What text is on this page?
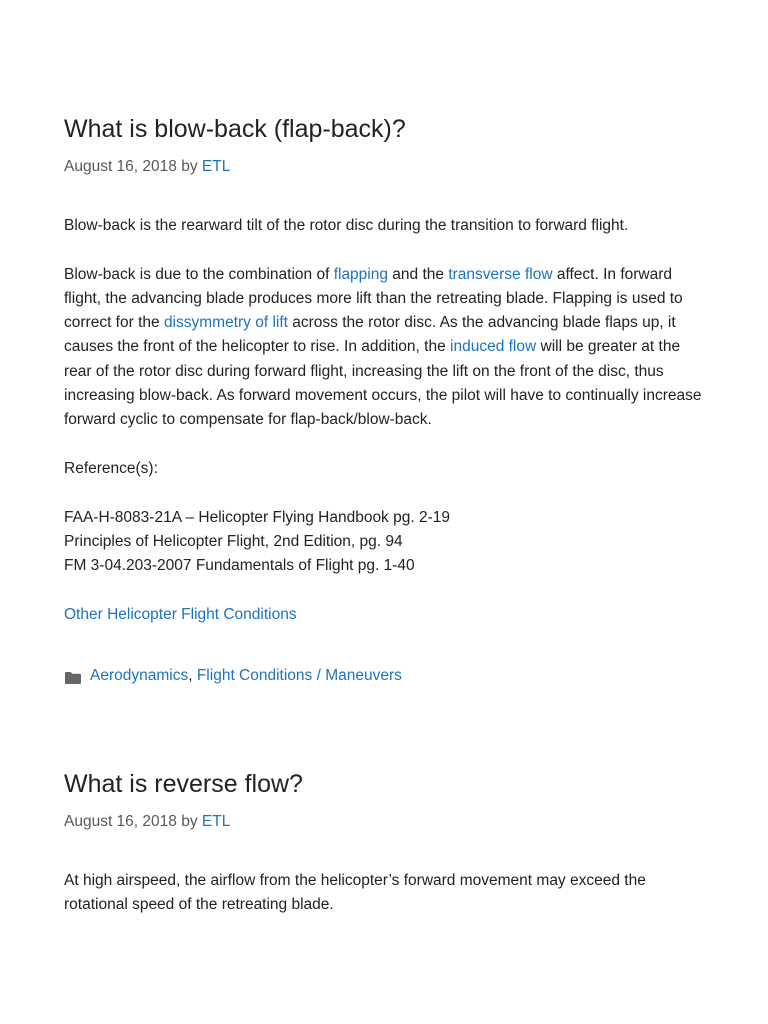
What is blow-back (flap-back)?
August 16, 2018 by ETL

Blow-back is the rearward tilt of the rotor disc during the transition to forward flight.

Blow-back is due to the combination of flapping and the transverse flow affect. In forward flight, the advancing blade produces more lift than the retreating blade. Flapping is used to correct for the dissymmetry of lift across the rotor disc. As the advancing blade flaps up, it causes the front of the helicopter to rise. In addition, the induced flow will be greater at the rear of the rotor disc during forward flight, increasing the lift on the front of the disc, thus increasing blow-back. As forward movement occurs, the pilot will have to continually increase forward cyclic to compensate for flap-back/blow-back.

Reference(s):

FAA-H-8083-21A – Helicopter Flying Handbook pg. 2-19
Principles of Helicopter Flight, 2nd Edition, pg. 94
FM 3-04.203-2007 Fundamentals of Flight pg. 1-40

Other Helicopter Flight Conditions

Aerodynamics , Flight Conditions / Maneuvers
What is reverse flow?
August 16, 2018 by ETL

At high airspeed, the airflow from the helicopter’s forward movement may exceed the rotational speed of the retreating blade.
